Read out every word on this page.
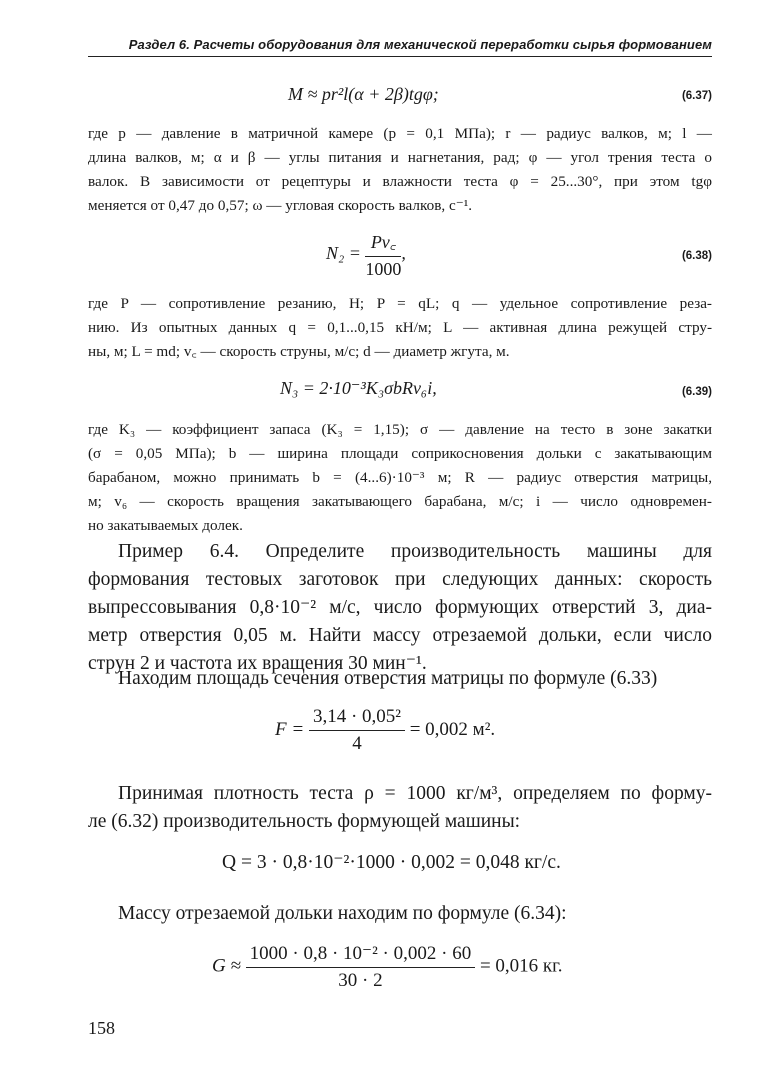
Раздел 6. Расчеты оборудования для механической переработки сырья формованием
M ≈ pr²l(α + 2β)tgφ;	(6.37)
где p — давление в матричной камере (p = 0,1 МПа); r — радиус валков, м; l —
длина валков, м; α и β — углы питания и нагнетания, рад; φ — угол трения теста о
валок. В зависимости от рецептуры и влажности теста φ = 25...30°, при этом tgφ
меняется от 0,47 до 0,57; ω — угловая скорость валков, с⁻¹.
$N_2 = \frac{Pv꜀}{1000}$ ,	(6.38)
где P — сопротивление резанию, Н; P = qL; q — удельное сопротивление реза-
нию. Из опытных данных q = 0,1...0,15 кН/м; L — активная длина режущей стру-
ны, м; L = md; v꜀ — скорость струны, м/с; d — диаметр жгута, м.
N₃ = 2·10⁻³K₃σbRv₆i,	(6.39)
где K₃ — коэффициент запаса (K₃ = 1,15); σ — давление на тесто в зоне закатки
(σ = 0,05 МПа); b — ширина площади соприкосновения дольки с закатывающим
барабаном, можно принимать b = (4...6)·10⁻³ м; R — радиус отверстия матрицы,
м; v₆ — скорость вращения закатывающего барабана, м/с; i — число одновремен-
но закатываемых долек.
Пример 6.4. Определите производительность машины для
формования тестовых заготовок при следующих данных: скорость
выпрессовывания 0,8·10⁻² м/с, число формующих отверстий 3, диа-
метр отверстия 0,05 м. Найти массу отрезаемой дольки, если число
струн 2 и частота их вращения 30 мин⁻¹.
Находим площадь сечения отверстия матрицы по формуле (6.33)
$F = \frac{\text{3,14 · 0,05²}}{4} = 0,002$ м².
Принимая плотность теста ρ = 1000 кг/м³, определяем по форму-
ле (6.32) производительность формующей машины:
Q = 3 · 0,8·10⁻²·1000 · 0,002 = 0,048 кг/с.
Массу отрезаемой дольки находим по формуле (6.34):
$G \approx \frac{\text{1000 · 0,8 · 10⁻² · 0,002 · 60}}{30 \cdot 2} = 0,016$ кг.
158
